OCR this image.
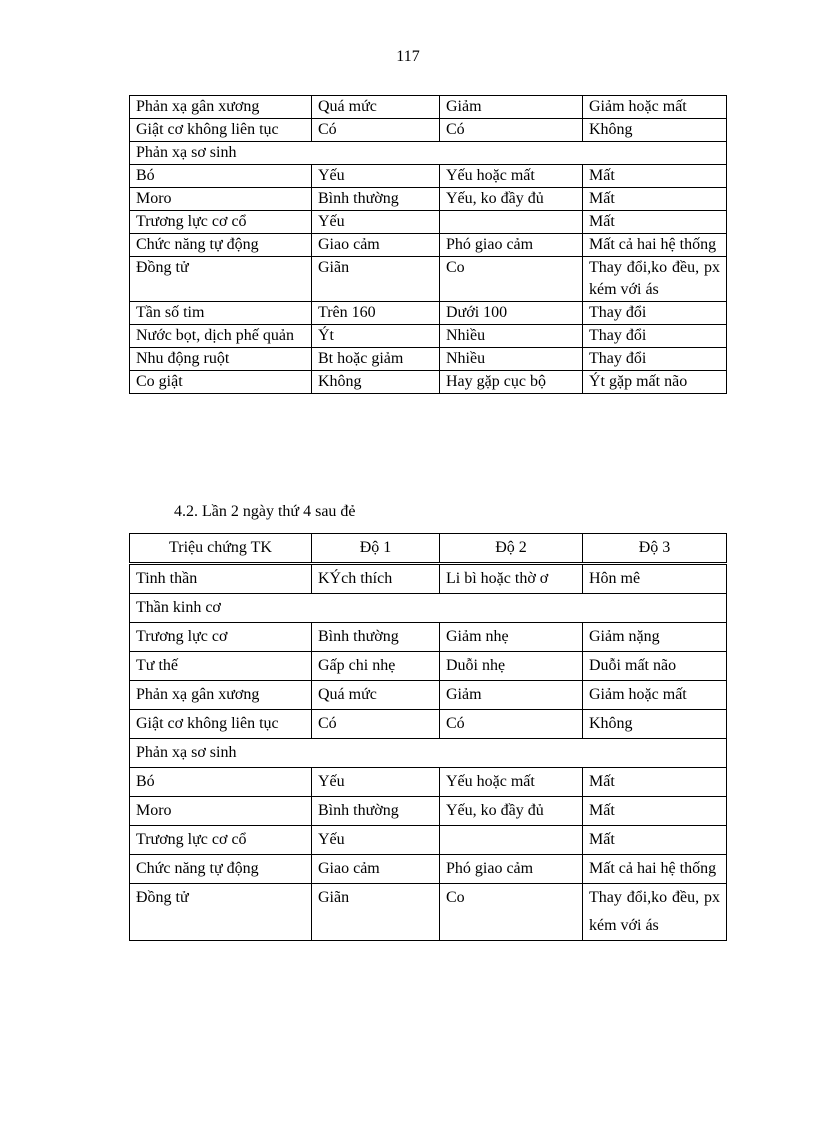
117
Phản xạ gân xương	Quá mức	Giảm	Giảm hoặc mất
Giật cơ không liên tục	Có	Có	Không
Phản xạ sơ sinh			
Bó	Yếu	Yếu hoặc mất	Mất
Moro	Bình thường	Yếu, ko đầy đủ	Mất
Trương lực cơ cổ	Yếu		Mất
Chức năng tự động	Giao cảm	Phó giao cảm	Mất cả hai hệ thống
Đồng tử	Giãn	Co	Thay đổi,ko đều, px kém với ás
Tần số tim	Trên 160	Dưới 100	Thay đổi
Nước bọt, dịch phế quản	Ýt	Nhiều	Thay đổi
Nhu động ruột	Bt hoặc giảm	Nhiều	Thay đổi
Co giật	Không	Hay gặp cục bộ	Ýt gặp mất não
4.2. Lần 2 ngày thứ 4 sau đẻ
Triệu chứng TK	Độ 1	Độ 2	Độ 3
Tinh thần	KÝch thích	Li bì hoặc thờ ơ	Hôn mê
Thần kinh cơ			
Trương lực cơ	Bình thường	Giảm nhẹ	Giảm nặng
Tư thế	Gấp chi nhẹ	Duỗi nhẹ	Duỗi mất não
Phản xạ gân xương	Quá mức	Giảm	Giảm hoặc mất
Giật cơ không liên tục	Có	Có	Không
Phản xạ sơ sinh			
Bó	Yếu	Yếu hoặc mất	Mất
Moro	Bình thường	Yếu, ko đầy đủ	Mất
Trương lực cơ cổ	Yếu		Mất
Chức năng tự động	Giao cảm	Phó giao cảm	Mất cả hai hệ thống
Đồng tử	Giãn	Co	Thay đổi,ko đều, px kém với ás
